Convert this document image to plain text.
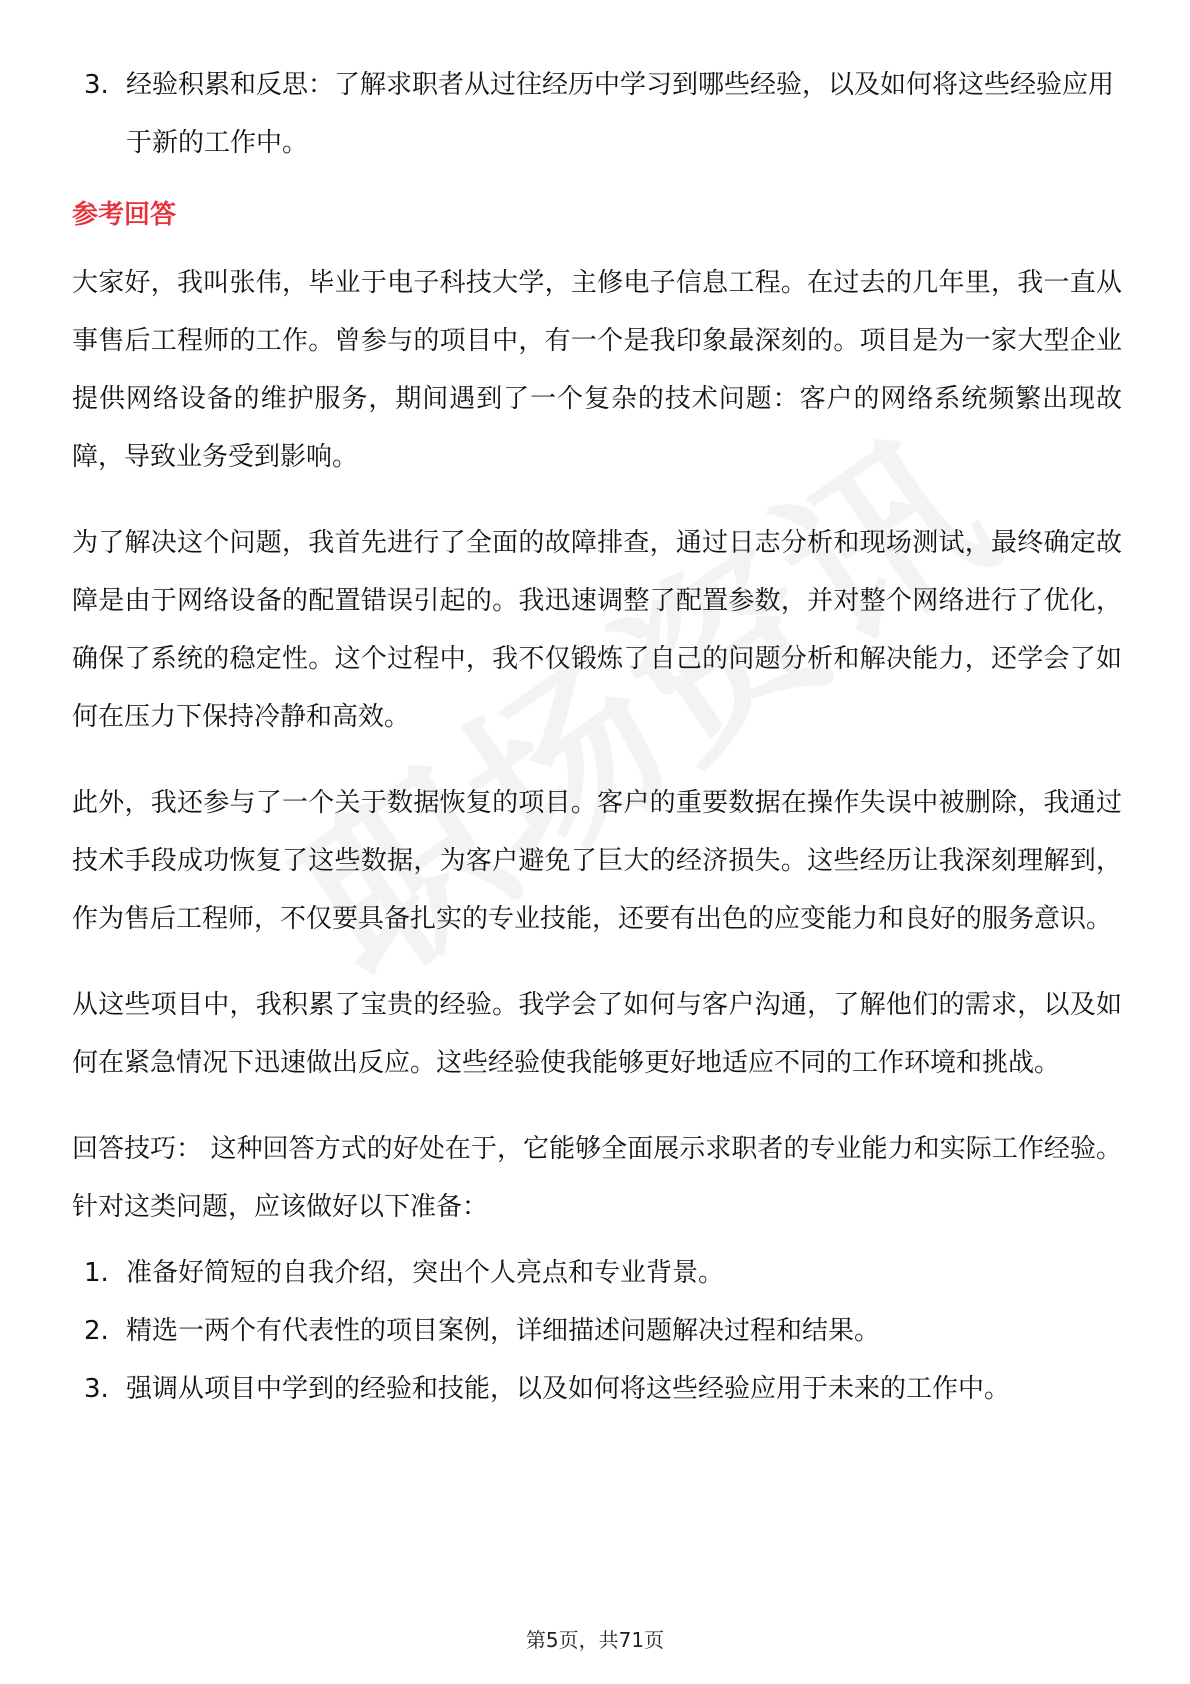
3. 经验积累和反思：了解求职者从过往经历中学习到哪些经验，以及如何将这些经验应用于新的工作中。
参考回答

大家好，我叫张伟，毕业于电子科技大学，主修电子信息工程。在过去的几年里，我一直从事售后工程师的工作。曾参与的项目中，有一个是我印象最深刻的。项目是为一家大型企业提供网络设备的维护服务，期间遇到了一个复杂的技术问题：客户的网络系统频繁出现故障，导致业务受到影响。

为了解决这个问题，我首先进行了全面的故障排查，通过日志分析和现场测试，最终确定故障是由于网络设备的配置错误引起的。我迅速调整了配置参数，并对整个网络进行了优化，确保了系统的稳定性。这个过程中，我不仅锻炼了自己的问题分析和解决能力，还学会了如何在压力下保持冷静和高效。

此外，我还参与了一个关于数据恢复的项目。客户的重要数据在操作失误中被删除，我通过技术手段成功恢复了这些数据，为客户避免了巨大的经济损失。这些经历让我深刻理解到，作为售后工程师，不仅要具备扎实的专业技能，还要有出色的应变能力和良好的服务意识。

从这些项目中，我积累了宝贵的经验。我学会了如何与客户沟通，了解他们的需求，以及如何在紧急情况下迅速做出反应。这些经验使我能够更好地适应不同的工作环境和挑战。

回答技巧： 这种回答方式的好处在于，它能够全面展示求职者的专业能力和实际工作经验。针对这类问题，应该做好以下准备：

1. 准备好简短的自我介绍，突出个人亮点和专业背景。
2. 精选一两个有代表性的项目案例，详细描述问题解决过程和结果。
3. 强调从项目中学到的经验和技能，以及如何将这些经验应用于未来的工作中。
第5页，共71页
